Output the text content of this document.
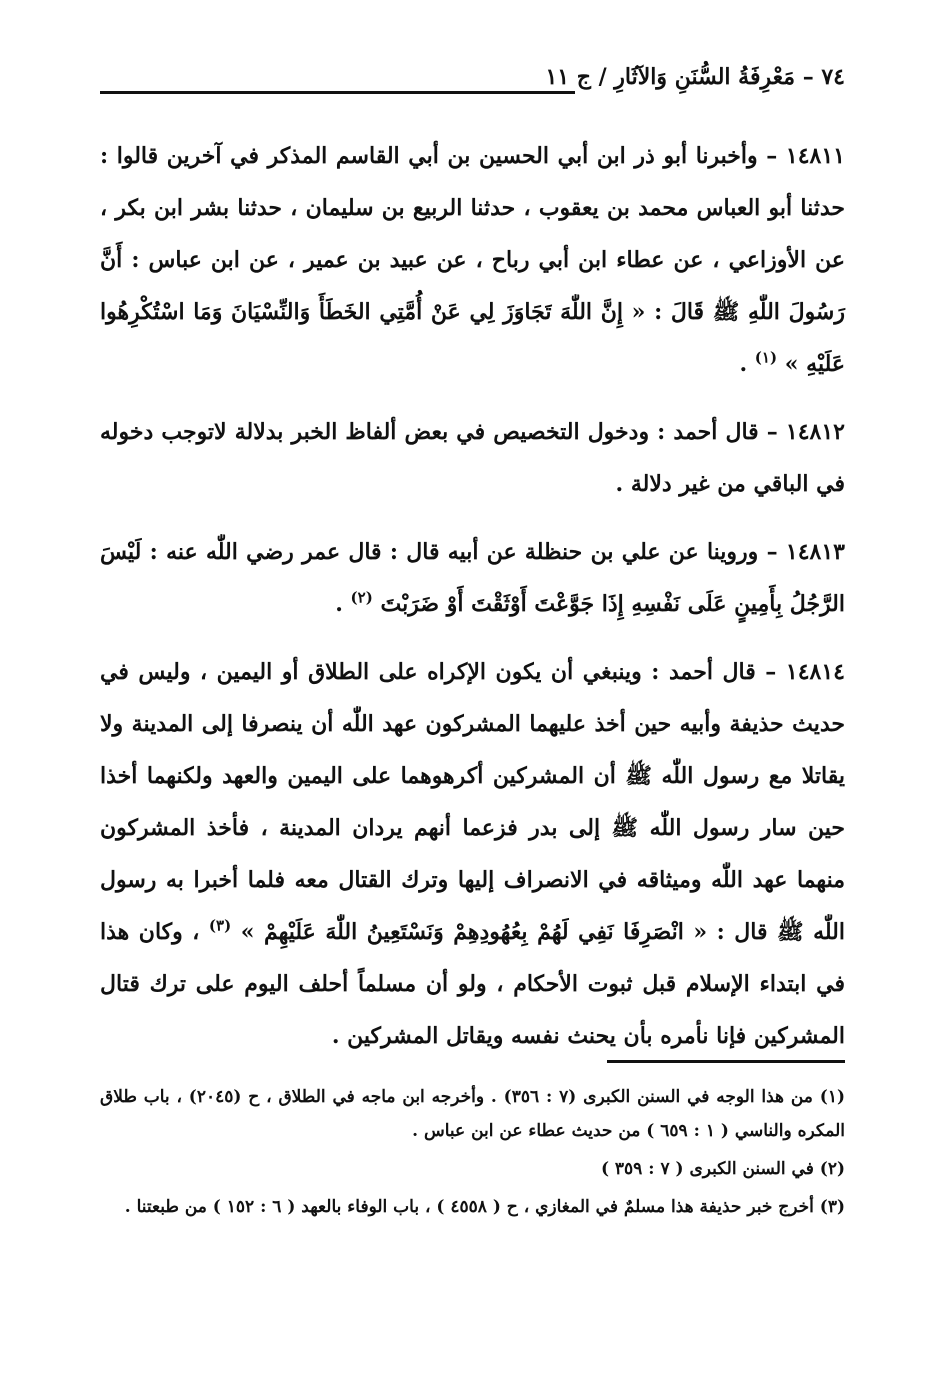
٧٤ – مَعْرِفَةُ السُّنَنِ وَالآثَارِ / ج ١١

١٤٨١١ – وأخبرنا أبو ذر ابن أبي الحسين بن أبي القاسم المذكر في آخرين قالوا : حدثنا أبو العباس محمد بن يعقوب ، حدثنا الربيع بن سليمان ، حدثنا بشر ابن بكر ، عن الأوزاعي ، عن عطاء ابن أبي رباح ، عن عبيد بن عمير ، عن ابن عباس : أَنَّ رَسُولَ اللّٰهِ ﷺ قَالَ : « إِنَّ اللّٰهَ تَجَاوَزَ لِي عَنْ أُمَّتِي الخَطَأَ وَالنِّسْيَانَ وَمَا اسْتُكْرِهُوا عَلَيْهِ » $^{(١)}$ .

١٤٨١٢ – قال أحمد : ودخول التخصيص في بعض ألفاظ الخبر بدلالة لاتوجب دخوله في الباقي من غير دلالة .

١٤٨١٣ – وروينا عن علي بن حنظلة عن أبيه قال : قال عمر رضي اللّٰه عنه : لَيْسَ الرَّجُلُ بِأَمِينٍ عَلَى نَفْسِهِ إِذَا جَوَّعْتَ أَوْثَقْتَ أَوْ ضَرَبْتَ $^{(٢)}$ .

١٤٨١٤ – قال أحمد : وينبغي أن يكون الإكراه على الطلاق أو اليمين ، وليس في حديث حذيفة وأبيه حين أخذ عليهما المشركون عهد اللّٰه أن ينصرفا إلى المدينة ولا يقاتلا مع رسول اللّٰه ﷺ أن المشركين أكرهوهما على اليمين والعهد ولكنهما أخذا حين سار رسول اللّٰه ﷺ إلى بدر فزعما أنهم يردان المدينة ، فأخذ المشركون منهما عهد اللّٰه وميثاقه في الانصراف إليها وترك القتال معه فلما أخبرا به رسول اللّٰه ﷺ قال : « انْصَرِفَا نَفِي لَهُمْ بِعُهُودِهِمْ وَنَسْتَعِينُ اللّٰهَ عَلَيْهِمْ » $^{(٣)}$ ، وكان هذا في ابتداء الإسلام قبل ثبوت الأحكام ، ولو أن مسلماً أحلف اليوم على ترك قتال المشركين فإنا نأمره بأن يحنث نفسه ويقاتل المشركين .

(١) من هذا الوجه في السنن الكبرى (٧ : ٣٥٦) . وأخرجه ابن ماجه في الطلاق ، ح (٢٠٤٥) ، باب طلاق المكره والناسي ( ١ : ٦٥٩ ) من حديث عطاء عن ابن عباس .

(٢) في السنن الكبرى ( ٧ : ٣٥٩ )

(٣) أخرج خبر حذيفة هذا مسلمٌ في المغازي ، ح ( ٤٥٥٨ ) ، باب الوفاء بالعهد ( ٦ : ١٥٢ ) من طبعتنا .
